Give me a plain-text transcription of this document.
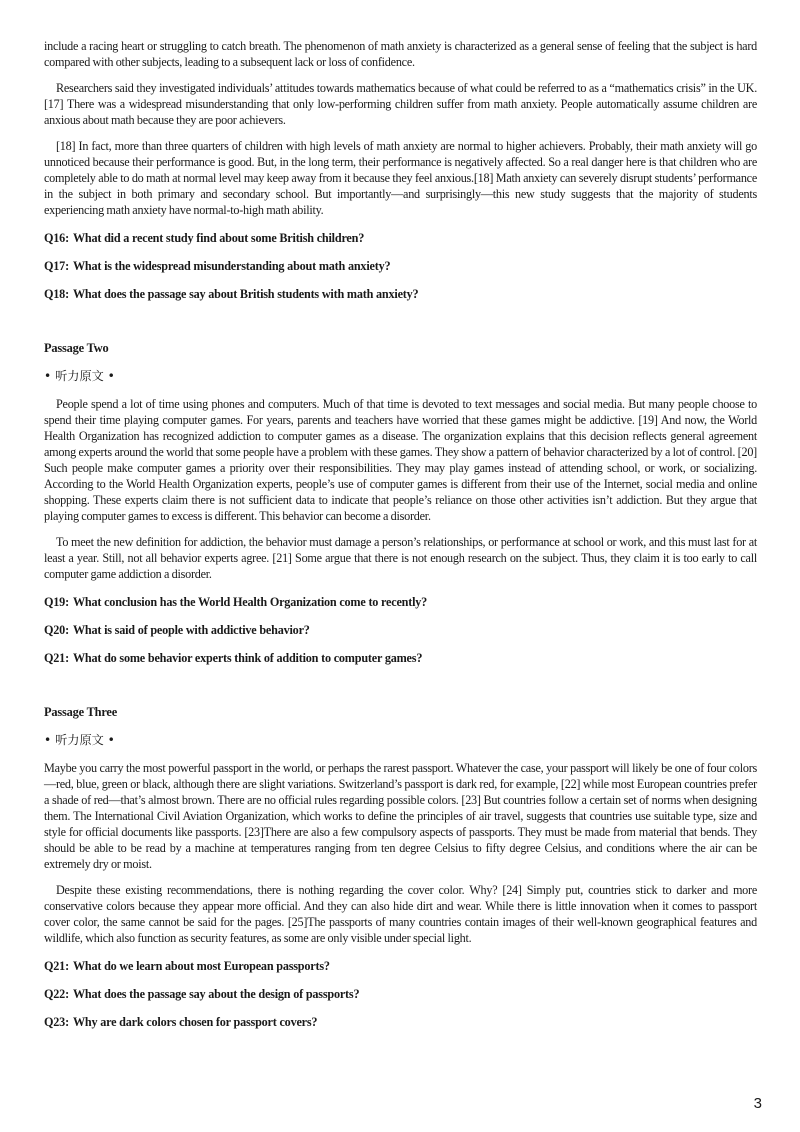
include a racing heart or struggling to catch breath. The phenomenon of math anxiety is characterized as a general sense of feeling that the subject is hard compared with other subjects, leading to a subsequent lack or loss of confidence.

Researchers said they investigated individuals’ attitudes towards mathematics because of what could be referred to as a “mathematics crisis” in the UK. [17] There was a widespread misunderstanding that only low-performing children suffer from math anxiety. People automatically assume children are anxious about math because they are poor achievers.

[18] In fact, more than three quarters of children with high levels of math anxiety are normal to higher achievers. Probably, their math anxiety will go unnoticed because their performance is good. But, in the long term, their performance is negatively affected. So a real danger here is that children who are completely able to do math at normal level may keep away from it because they feel anxious.[18] Math anxiety can severely disrupt students’ performance in the subject in both primary and secondary school. But importantly—and surprisingly—this new study suggests that the majority of students experiencing math anxiety have normal-to-high math ability.

Q16: What did a recent study find about some British children?

Q17: What is the widespread misunderstanding about math anxiety?

Q18: What does the passage say about British students with math anxiety?

Passage Two

• 听力原文 •

People spend a lot of time using phones and computers. Much of that time is devoted to text messages and social media. But many people choose to spend their time playing computer games. For years, parents and teachers have worried that these games might be addictive. [19] And now, the World Health Organization has recognized addiction to computer games as a disease. The organization explains that this decision reflects general agreement among experts around the world that some people have a problem with these games. They show a pattern of behavior characterized by a lot of control. [20] Such people make computer games a priority over their responsibilities. They may play games instead of attending school, or work, or socializing. According to the World Health Organization experts, people’s use of computer games is different from their use of the Internet, social media and online shopping. These experts claim there is not sufficient data to indicate that people’s reliance on those other activities isn’t addiction. But they argue that playing computer games to excess is different. This behavior can become a disorder.

To meet the new definition for addiction, the behavior must damage a person’s relationships, or performance at school or work, and this must last for at least a year. Still, not all behavior experts agree. [21] Some argue that there is not enough research on the subject. Thus, they claim it is too early to call computer game addiction a disorder.

Q19: What conclusion has the World Health Organization come to recently?

Q20: What is said of people with addictive behavior?

Q21: What do some behavior experts think of addition to computer games?

Passage Three

• 听力原文 •

Maybe you carry the most powerful passport in the world, or perhaps the rarest passport. Whatever the case, your passport will likely be one of four colors—red, blue, green or black, although there are slight variations. Switzerland’s passport is dark red, for example, [22] while most European countries prefer a shade of red—that’s almost brown. There are no official rules regarding possible colors. [23] But countries follow a certain set of norms when designing them. The International Civil Aviation Organization, which works to define the principles of air travel, suggests that countries use suitable type, size and style for official documents like passports. [23]There are also a few compulsory aspects of passports. They must be made from material that bends. They should be able to be read by a machine at temperatures ranging from ten degree Celsius to fifty degree Celsius, and conditions where the air can be extremely dry or moist.

Despite these existing recommendations, there is nothing regarding the cover color. Why? [24] Simply put, countries stick to darker and more conservative colors because they appear more official. And they can also hide dirt and wear. While there is little innovation when it comes to passport cover color, the same cannot be said for the pages. [25]The passports of many countries contain images of their well-known geographical features and wildlife, which also function as security features, as some are only visible under special light.

Q21: What do we learn about most European passports?

Q22: What does the passage say about the design of passports?

Q23: Why are dark colors chosen for passport covers?

3
